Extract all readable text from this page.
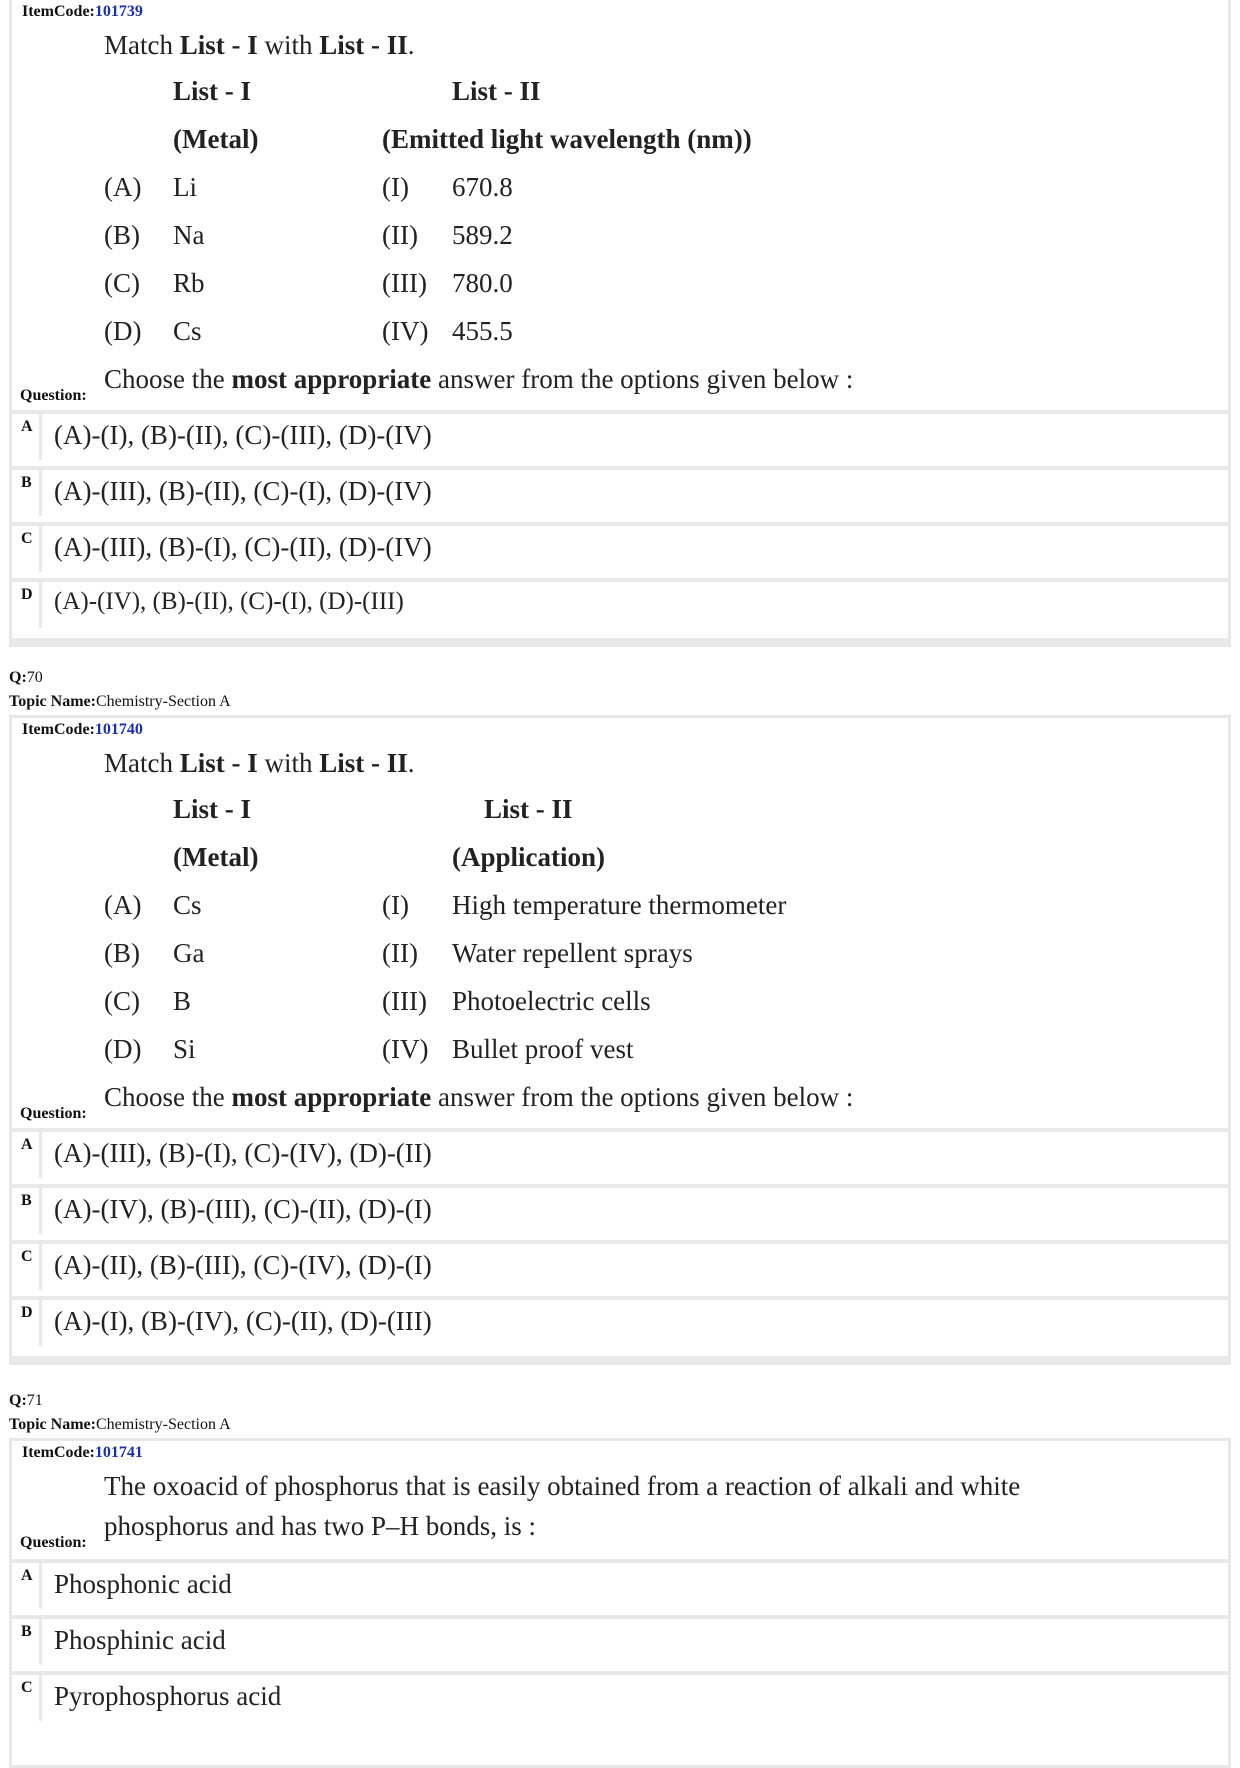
ItemCode:101739
Match List - I with List - II.
List - I	List - II
(Metal)	(Emitted light wavelength (nm))
(A) Li	(I) 670.8
(B) Na	(II) 589.2
(C) Rb	(III) 780.0
(D) Cs	(IV) 455.5
Choose the most appropriate answer from the options given below :
Question:
A (A)-(I), (B)-(II), (C)-(III), (D)-(IV)
B (A)-(III), (B)-(II), (C)-(I), (D)-(IV)
C (A)-(III), (B)-(I), (C)-(II), (D)-(IV)
D (A)-(IV), (B)-(II), (C)-(I), (D)-(III)
Q:70
Topic Name:Chemistry-Section A
ItemCode:101740
Match List - I with List - II.
List - I	List - II
(Metal)	(Application)
(A) Cs	(I) High temperature thermometer
(B) Ga	(II) Water repellent sprays
(C) B	(III) Photoelectric cells
(D) Si	(IV) Bullet proof vest
Choose the most appropriate answer from the options given below :
Question:
A (A)-(III), (B)-(I), (C)-(IV), (D)-(II)
B (A)-(IV), (B)-(III), (C)-(II), (D)-(I)
C (A)-(II), (B)-(III), (C)-(IV), (D)-(I)
D (A)-(I), (B)-(IV), (C)-(II), (D)-(III)
Q:71
Topic Name:Chemistry-Section A
ItemCode:101741
The oxoacid of phosphorus that is easily obtained from a reaction of alkali and white
phosphorus and has two P–H bonds, is :
Question:
A Phosphonic acid
B Phosphinic acid
C Pyrophosphorus acid
